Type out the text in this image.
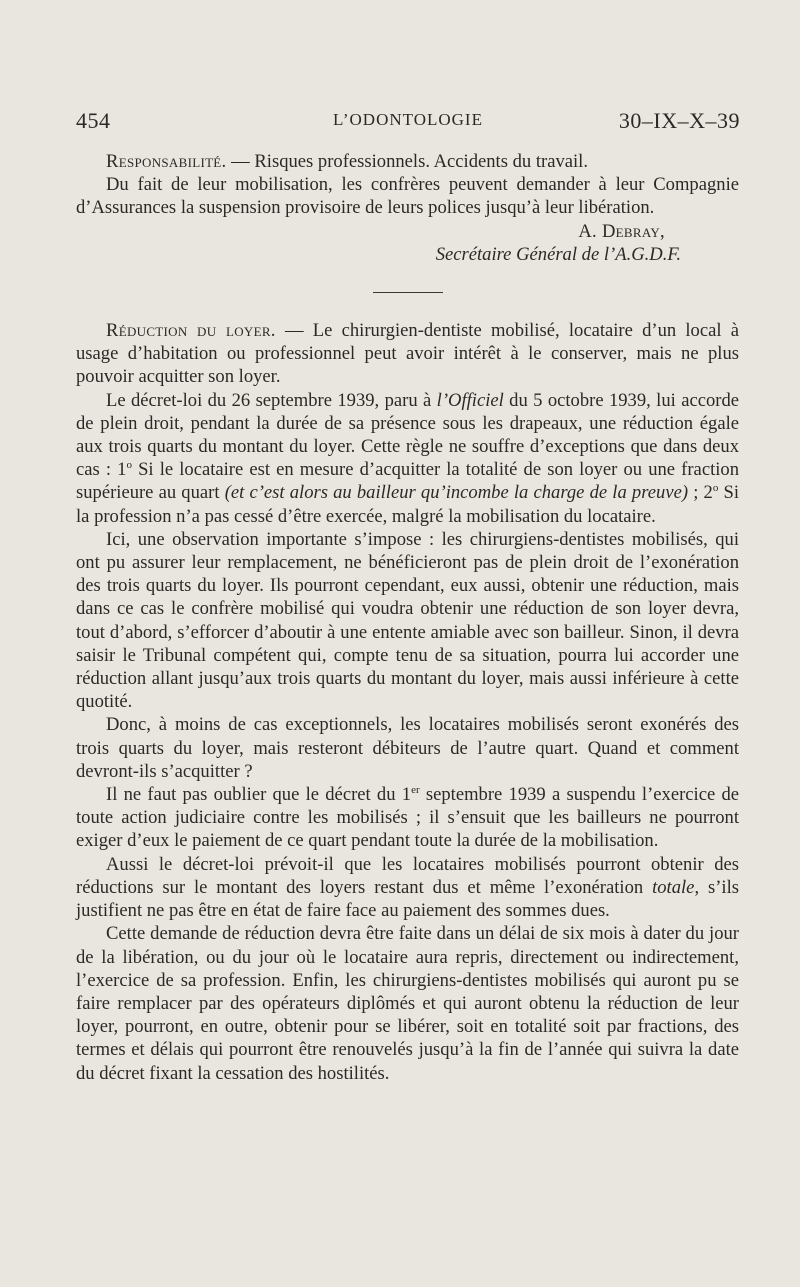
454	L’ODONTOLOGIE	30–IX–X–39

Responsabilité. — Risques professionnels. Accidents du travail.

Du fait de leur mobilisation, les confrères peuvent demander à leur Compagnie d’Assurances la suspension provisoire de leurs polices jusqu’à leur libération.

A. Debray,

Secrétaire Général de l’A.G.D.F.

Réduction du loyer. — Le chirurgien-dentiste mobilisé, locataire d’un local à usage d’habitation ou professionnel peut avoir intérêt à le conserver, mais ne plus pouvoir acquitter son loyer.

Le décret-loi du 26 septembre 1939, paru à l’Officiel du 5 octobre 1939, lui accorde de plein droit, pendant la durée de sa présence sous les drapeaux, une réduction égale aux trois quarts du montant du loyer. Cette règle ne souffre d’exceptions que dans deux cas : 1$^o$ Si le locataire est en mesure d’acquitter la totalité de son loyer ou une fraction supérieure au quart (et c’est alors au bailleur qu’incombe la charge de la preuve) ; 2$^o$ Si la profession n’a pas cessé d’être exercée, malgré la mobilisation du locataire.

Ici, une observation importante s’impose : les chirurgiens-dentistes mobilisés, qui ont pu assurer leur remplacement, ne bénéficieront pas de plein droit de l’exonération des trois quarts du loyer. Ils pourront cependant, eux aussi, obtenir une réduction, mais dans ce cas le confrère mobilisé qui voudra obtenir une réduction de son loyer devra, tout d’abord, s’efforcer d’aboutir à une entente amiable avec son bailleur. Sinon, il devra saisir le Tribunal compétent qui, compte tenu de sa situation, pourra lui accorder une réduction allant jusqu’aux trois quarts du montant du loyer, mais aussi inférieure à cette quotité.

Donc, à moins de cas exceptionnels, les locataires mobilisés seront exonérés des trois quarts du loyer, mais resteront débiteurs de l’autre quart. Quand et comment devront-ils s’acquitter ?

Il ne faut pas oublier que le décret du 1er septembre 1939 a suspendu l’exercice de toute action judiciaire contre les mobilisés ; il s’ensuit que les bailleurs ne pourront exiger d’eux le paiement de ce quart pendant toute la durée de la mobilisation.

Aussi le décret-loi prévoit-il que les locataires mobilisés pourront obtenir des réductions sur le montant des loyers restant dus et même l’exonération totale, s’ils justifient ne pas être en état de faire face au paiement des sommes dues.

Cette demande de réduction devra être faite dans un délai de six mois à dater du jour de la libération, ou du jour où le locataire aura repris, directement ou indirectement, l’exercice de sa profession. Enfin, les chirurgiens-dentistes mobilisés qui auront pu se faire remplacer par des opérateurs diplômés et qui auront obtenu la réduction de leur loyer, pourront, en outre, obtenir pour se libérer, soit en totalité soit par fractions, des termes et délais qui pourront être renouvelés jusqu’à la fin de l’année qui suivra la date du décret fixant la cessation des hostilités.
